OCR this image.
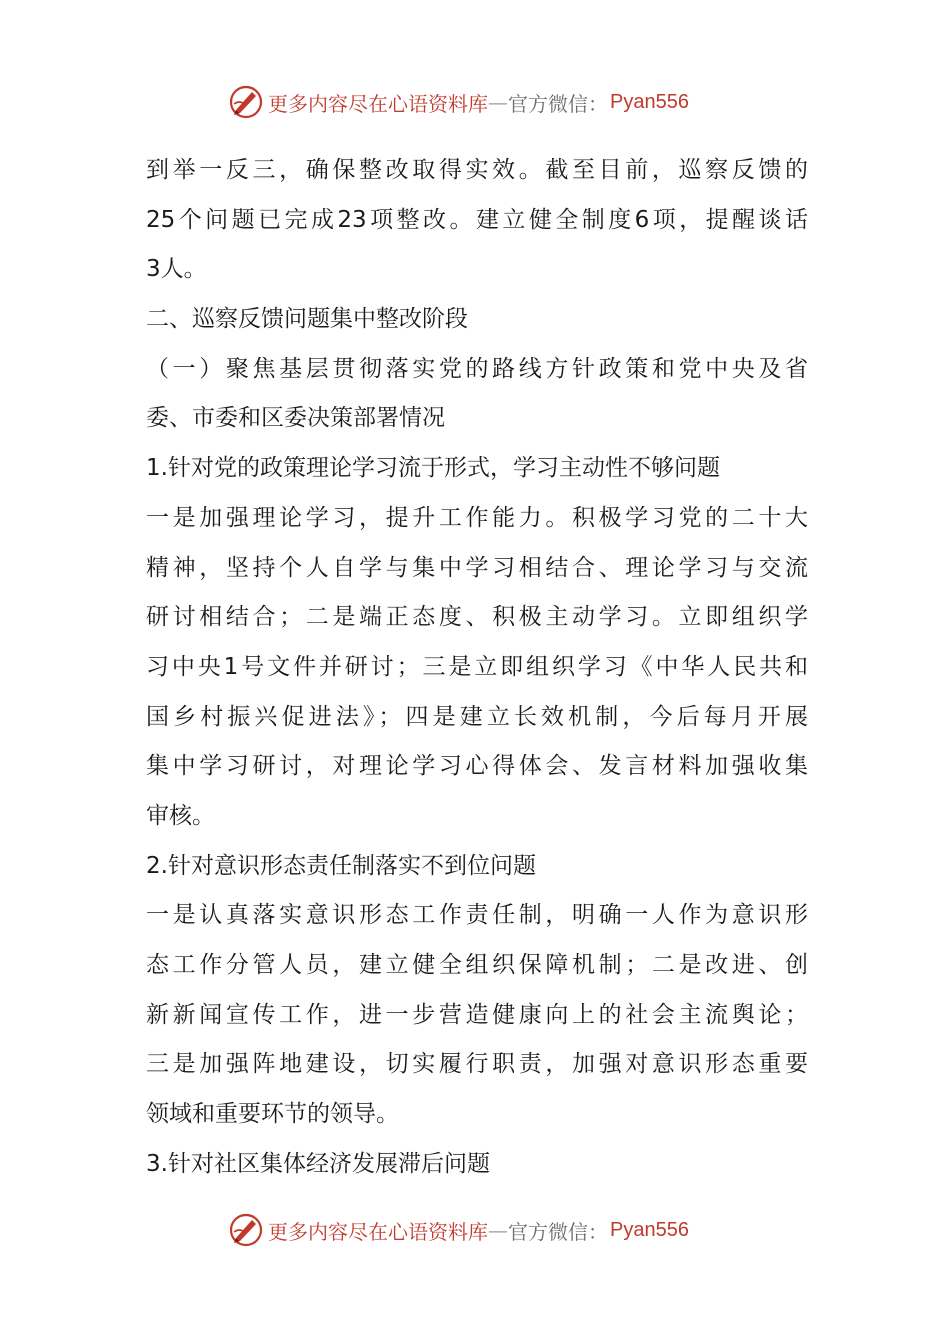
更多内容尽在心语资料库 — 官方微信： Pyan556
到举一反三，确保整改取得实效。截至目前，巡察反馈的
25个问题已完成23项整改。建立健全制度6项，提醒谈话
3人。
二、巡察反馈问题集中整改阶段
（一）聚焦基层贯彻落实党的路线方针政策和党中央及省
委、市委和区委决策部署情况
1.针对党的政策理论学习流于形式，学习主动性不够问题
一是加强理论学习，提升工作能力。积极学习党的二十大
精神，坚持个人自学与集中学习相结合、理论学习与交流
研讨相结合；二是端正态度、积极主动学习。立即组织学
习中央1号文件并研讨；三是立即组织学习《中华人民共和
国乡村振兴促进法》；四是建立长效机制，今后每月开展
集中学习研讨，对理论学习心得体会、发言材料加强收集
审核。
2.针对意识形态责任制落实不到位问题
一是认真落实意识形态工作责任制，明确一人作为意识形
态工作分管人员，建立健全组织保障机制；二是改进、创
新新闻宣传工作，进一步营造健康向上的社会主流舆论；
三是加强阵地建设，切实履行职责，加强对意识形态重要
领域和重要环节的领导。
3.针对社区集体经济发展滞后问题
更多内容尽在心语资料库 — 官方微信： Pyan556
